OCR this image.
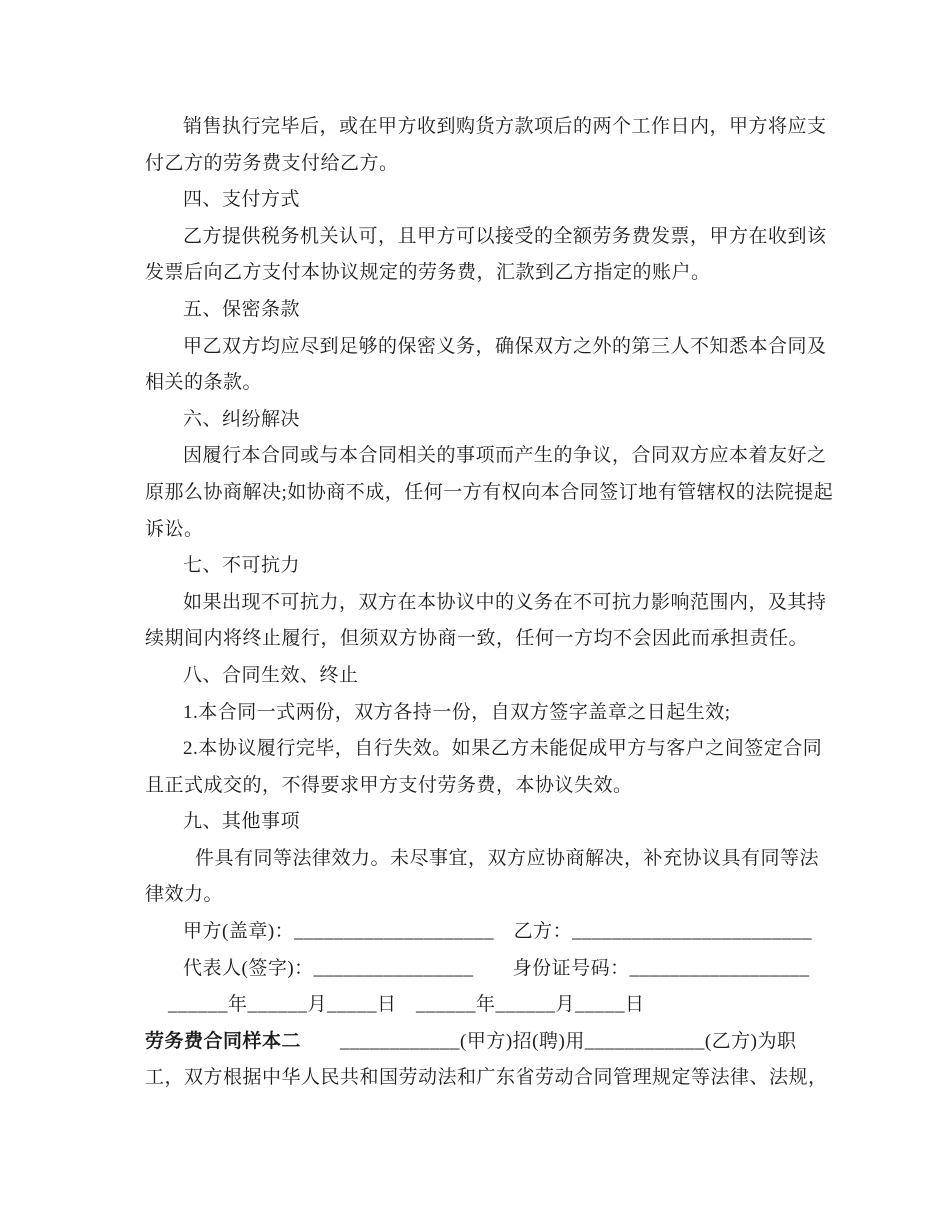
销售执行完毕后，或在甲方收到购货方款项后的两个工作日内，甲方将应支
付乙方的劳务费支付给乙方。
四、支付方式
乙方提供税务机关认可，且甲方可以接受的全额劳务费发票，甲方在收到该
发票后向乙方支付本协议规定的劳务费，汇款到乙方指定的账户。
五、保密条款
甲乙双方均应尽到足够的保密义务，确保双方之外的第三人不知悉本合同及
相关的条款。
六、纠纷解决
因履行本合同或与本合同相关的事项而产生的争议，合同双方应本着友好之
原那么协商解决;如协商不成，任何一方有权向本合同签订地有管辖权的法院提起
诉讼。
七、不可抗力
如果出现不可抗力，双方在本协议中的义务在不可抗力影响范围内，及其持
续期间内将终止履行，但须双方协商一致，任何一方均不会因此而承担责任。
八、合同生效、终止
1.本合同一式两份，双方各持一份，自双方签字盖章之日起生效;
2.本协议履行完毕，自行失效。如果乙方未能促成甲方与客户之间签定合同
且正式成交的，不得要求甲方支付劳务费，本协议失效。
九、其他事项
件具有同等法律效力。未尽事宜，双方应协商解决，补充协议具有同等法
律效力。
甲方(盖章)：____________________　乙方：________________________
代表人(签字)：________________　　身份证号码：__________________
______年______月_____日　______年______月_____日
劳务费合同样本二　　____________(甲方)招(聘)用____________(乙方)为职
工，双方根据中华人民共和国劳动法和广东省劳动合同管理规定等法律、法规，
